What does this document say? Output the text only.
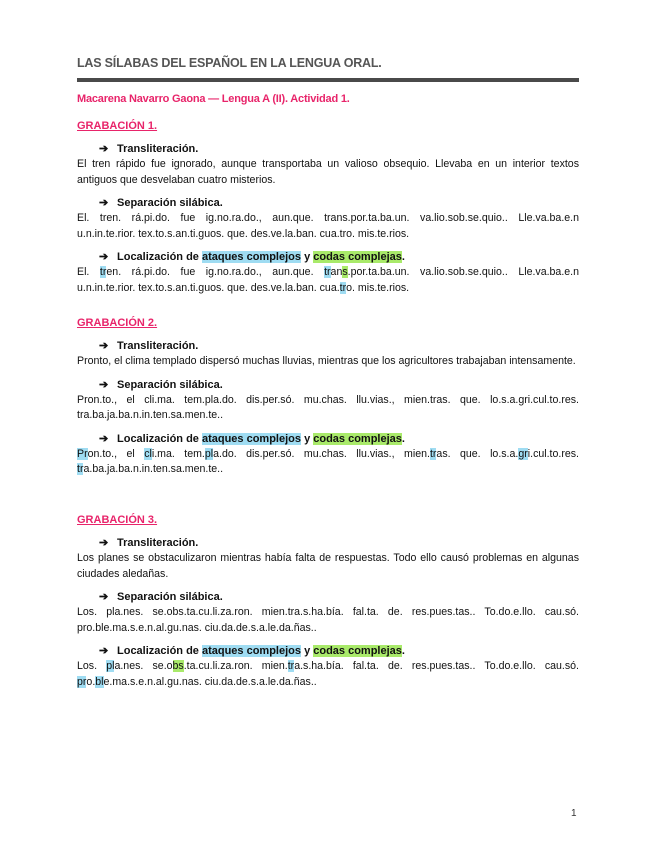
LAS SÍLABAS DEL ESPAÑOL EN LA LENGUA ORAL.
Macarena Navarro Gaona — Lengua A (II). Actividad 1.
GRABACIÓN 1.
➔ Transliteración.

El tren rápido fue ignorado, aunque transportaba un valioso obsequio. Llevaba en un interior textos antiguos que desvelaban cuatro misterios.

➔ Separación silábica.

El. tren. rá.pi.do. fue ig.no.ra.do., aun.que. trans.por.ta.ba.un. va.lio.sob.se.quio.. Lle.va.ba.e.n u.n.in.te.rior. tex.to.s.an.ti.guos. que. des.ve.la.ban. cua.tro. mis.te.rios.

➔ Localización de ataques complejos y codas complejas.

El. tren. rá.pi.do. fue ig.no.ra.do., aun.que. trans.por.ta.ba.un. va.lio.sob.se.quio.. Lle.va.ba.e.n u.n.in.te.rior. tex.to.s.an.ti.guos. que. des.ve.la.ban. cua.tro. mis.te.rios.

GRABACIÓN 2.
➔ Transliteración.

Pronto, el clima templado dispersó muchas lluvias, mientras que los agricultores trabajaban intensamente.

➔ Separación silábica.

Pron.to., el cli.ma. tem.pla.do. dis.per.só. mu.chas. llu.vias., mien.tras. que. lo.s.a.gri.cul.to.res. tra.ba.ja.ba.n.in.ten.sa.men.te..

➔ Localización de ataques complejos y codas complejas.

Pron.to., el cli.ma. tem.pla.do. dis.per.só. mu.chas. llu.vias., mien.tras. que. lo.s.a.gri.cul.to.res. tra.ba.ja.ba.n.in.ten.sa.men.te..

GRABACIÓN 3.
➔ Transliteración.

Los planes se obstaculizaron mientras había falta de respuestas. Todo ello causó problemas en algunas ciudades aledañas.

➔ Separación silábica.

Los. pla.nes. se.obs.ta.cu.li.za.ron. mien.tra.s.ha.bía. fal.ta. de. res.pues.tas.. To.do.e.llo. cau.só. pro.ble.ma.s.e.n.al.gu.nas. ciu.da.de.s.a.le.da.ñas..

➔ Localización de ataques complejos y codas complejas.

Los. pla.nes. se.obs.ta.cu.li.za.ron. mien.tra.s.ha.bía. fal.ta. de. res.pues.tas.. To.do.e.llo. cau.só. pro.ble.ma.s.e.n.al.gu.nas. ciu.da.de.s.a.le.da.ñas..

1
